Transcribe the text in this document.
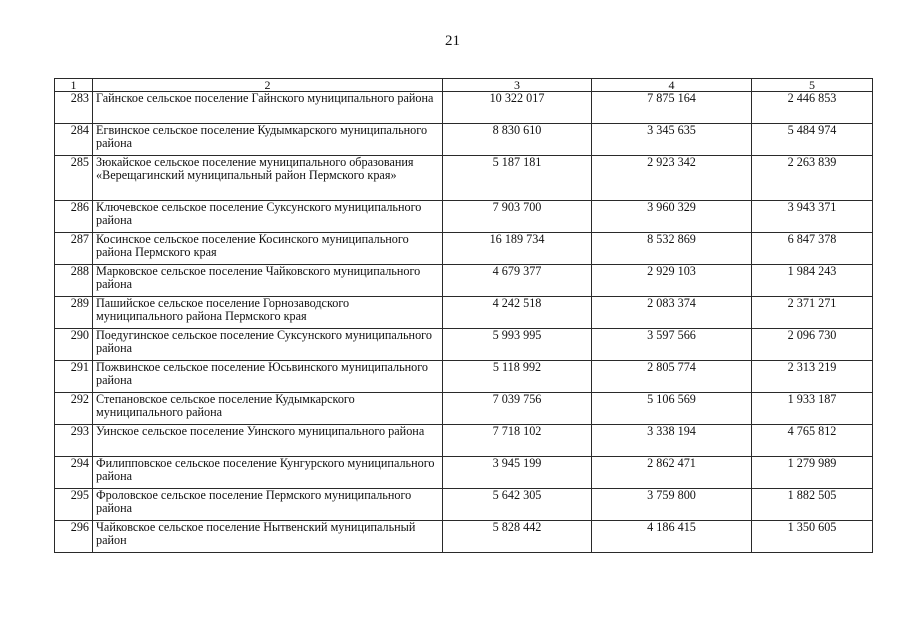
21
1	2	3	4	5
283	Гайнское сельское поселение Гайнского муниципального района	10 322 017	7 875 164	2 446 853
284	Егвинское сельское поселение Кудымкарского муниципального района	8 830 610	3 345 635	5 484 974
285	Зюкайское сельское поселение муниципального образования «Верещагинский муниципальный район Пермского края»	5 187 181	2 923 342	2 263 839
286	Ключевское сельское поселение Суксунского муниципального района	7 903 700	3 960 329	3 943 371
287	Косинское сельское поселение Косинского муниципального района Пермского края	16 189 734	8 532 869	6 847 378
288	Марковское сельское поселение Чайковского муниципального района	4 679 377	2 929 103	1 984 243
289	Пашийское сельское поселение Горнозаводского муниципального района Пермского края	4 242 518	2 083 374	2 371 271
290	Поедугинское сельское поселение Суксунского муниципального района	5 993 995	3 597 566	2 096 730
291	Пожвинское сельское поселение Юсьвинского муниципального района	5 118 992	2 805 774	2 313 219
292	Степановское сельское поселение Кудымкарского муниципального района	7 039 756	5 106 569	1 933 187
293	Уинское сельское поселение Уинского муниципального района	7 718 102	3 338 194	4 765 812
294	Филипповское сельское поселение Кунгурского муниципального района	3 945 199	2 862 471	1 279 989
295	Фроловское сельское поселение Пермского муниципального района	5 642 305	3 759 800	1 882 505
296	Чайковское сельское поселение Нытвенский муниципальный район	5 828 442	4 186 415	1 350 605
